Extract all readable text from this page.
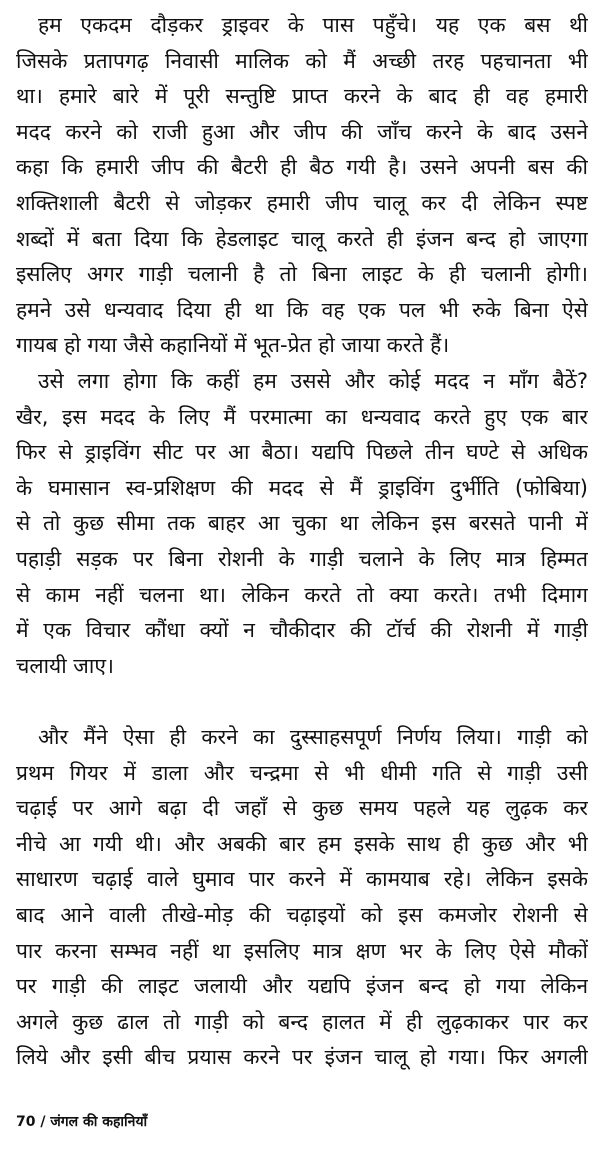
हम एकदम दौड़कर ड्राइवर के पास पहुँचे। यह एक बस थी
जिसके प्रतापगढ़ निवासी मालिक को मैं अच्छी तरह पहचानता भी
था। हमारे बारे में पूरी सन्तुष्टि प्राप्त करने के बाद ही वह हमारी
मदद करने को राजी हुआ और जीप की जाँच करने के बाद उसने
कहा कि हमारी जीप की बैटरी ही बैठ गयी है। उसने अपनी बस की
शक्तिशाली बैटरी से जोड़कर हमारी जीप चालू कर दी लेकिन स्पष्ट
शब्दों में बता दिया कि हेडलाइट चालू करते ही इंजन बन्द हो जाएगा
इसलिए अगर गाड़ी चलानी है तो बिना लाइट के ही चलानी होगी।
हमने उसे धन्यवाद दिया ही था कि वह एक पल भी रुके बिना ऐसे
गायब हो गया जैसे कहानियों में भूत-प्रेत हो जाया करते हैं।
उसे लगा होगा कि कहीं हम उससे और कोई मदद न माँग बैठें?
खैर, इस मदद के लिए मैं परमात्मा का धन्यवाद करते हुए एक बार
फिर से ड्राइविंग सीट पर आ बैठा। यद्यपि पिछले तीन घण्टे से अधिक
के घमासान स्व-प्रशिक्षण की मदद से मैं ड्राइविंग दुर्भीति (फोबिया)
से तो कुछ सीमा तक बाहर आ चुका था लेकिन इस बरसते पानी में
पहाड़ी सड़क पर बिना रोशनी के गाड़ी चलाने के लिए मात्र हिम्मत
से काम नहीं चलना था। लेकिन करते तो क्या करते। तभी दिमाग
में एक विचार कौंधा क्यों न चौकीदार की टॉर्च की रोशनी में गाड़ी
चलायी जाए।
और मैंने ऐसा ही करने का दुस्साहसपूर्ण निर्णय लिया। गाड़ी को
प्रथम गियर में डाला और चन्द्रमा से भी धीमी गति से गाड़ी उसी
चढ़ाई पर आगे बढ़ा दी जहाँ से कुछ समय पहले यह लुढ़क कर
नीचे आ गयी थी। और अबकी बार हम इसके साथ ही कुछ और भी
साधारण चढ़ाई वाले घुमाव पार करने में कामयाब रहे। लेकिन इसके
बाद आने वाली तीखे-मोड़ की चढ़ाइयों को इस कमजोर रोशनी से
पार करना सम्भव नहीं था इसलिए मात्र क्षण भर के लिए ऐसे मौकों
पर गाड़ी की लाइट जलायी और यद्यपि इंजन बन्द हो गया लेकिन
अगले कुछ ढाल तो गाड़ी को बन्द हालत में ही लुढ़काकर पार कर
लिये और इसी बीच प्रयास करने पर इंजन चालू हो गया। फिर अगली
70 / जंगल की कहानियाँ
